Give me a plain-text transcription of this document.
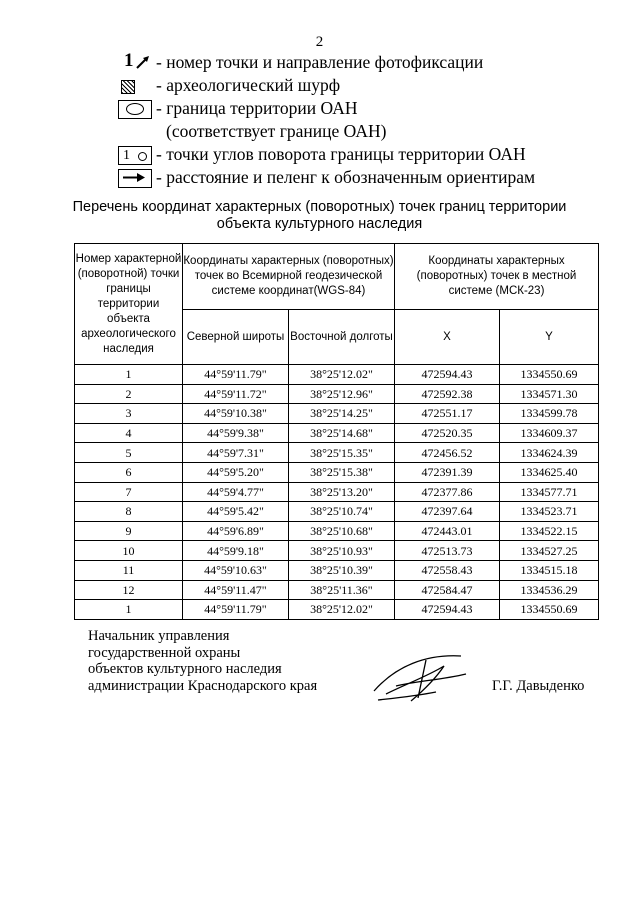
2
1 - номер точки и направление фотофиксации
- археологический шурф
- граница территории ОАН
(соответствует границе ОАН)
1 - точки углов поворота границы территории ОАН
- расстояние и пеленг к обозначенным ориентирам
Перечень координат характерных (поворотных) точек границ территории
объекта культурного наследия
Номер характерной (поворотной) точки границы территории объекта археологического наследия	Координаты характерных (поворотных) точек во Всемирной геодезической системе координат(WGS-84)		Координаты характерных (поворотных) точек в местной системе (МСК-23)	
	Северной широты	Восточной долготы	X	Y
1	44°59'11.79"	38°25'12.02"	472594.43	1334550.69
2	44°59'11.72"	38°25'12.96"	472592.38	1334571.30
3	44°59'10.38"	38°25'14.25"	472551.17	1334599.78
4	44°59'9.38"	38°25'14.68"	472520.35	1334609.37
5	44°59'7.31"	38°25'15.35"	472456.52	1334624.39
6	44°59'5.20"	38°25'15.38"	472391.39	1334625.40
7	44°59'4.77"	38°25'13.20"	472377.86	1334577.71
8	44°59'5.42"	38°25'10.74"	472397.64	1334523.71
9	44°59'6.89"	38°25'10.68"	472443.01	1334522.15
10	44°59'9.18"	38°25'10.93"	472513.73	1334527.25
11	44°59'10.63"	38°25'10.39"	472558.43	1334515.18
12	44°59'11.47"	38°25'11.36"	472584.47	1334536.29
1	44°59'11.79"	38°25'12.02"	472594.43	1334550.69
Начальник управления
государственной охраны
объектов культурного наследия
администрации Краснодарского края	Г.Г. Давыденко
